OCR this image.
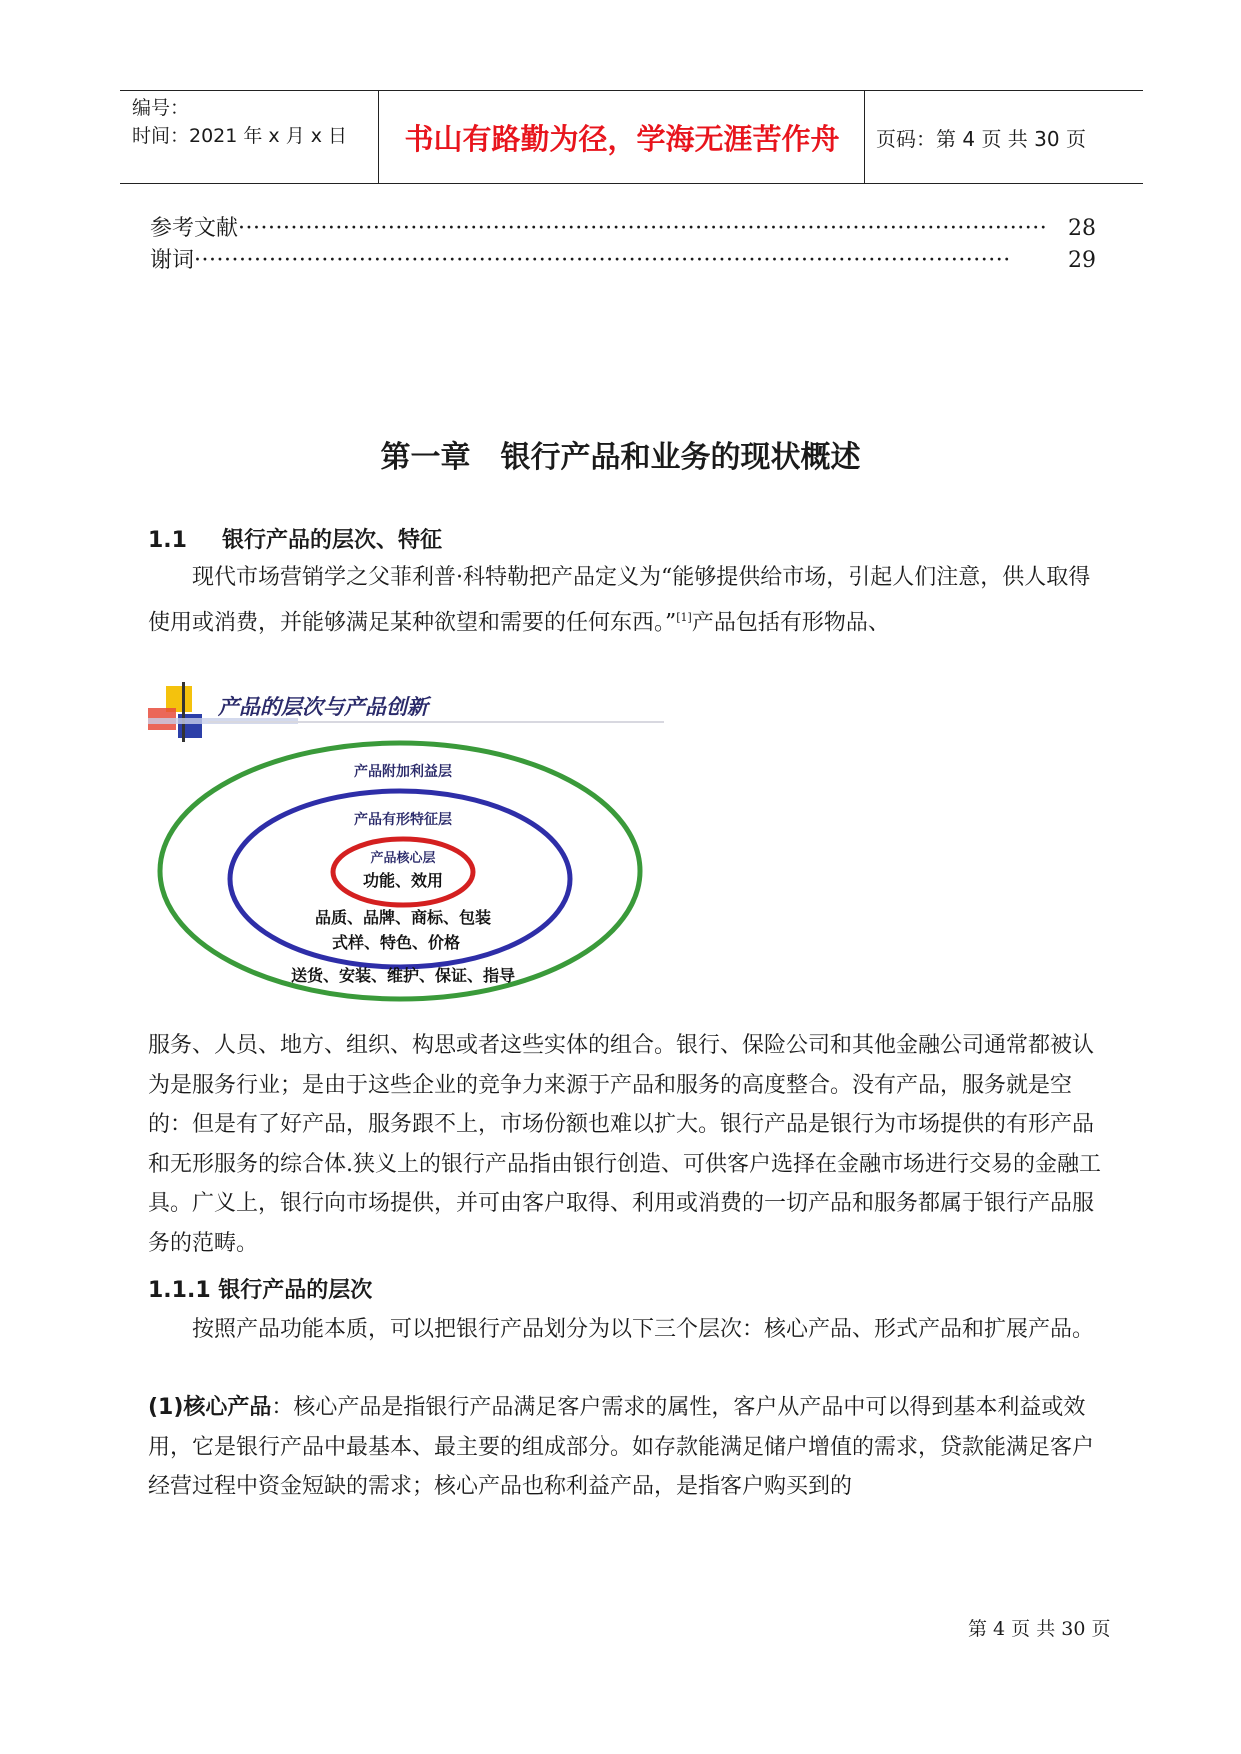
编号：
时间：2021 年 x 月 x 日	书山有路勤为径，学海无涯苦作舟	页码：第 4 页 共 30 页
参考文献 ············································································································ 28
谢词 ·············································································································	29
第一章　银行产品和业务的现状概述
1.1 银行产品的层次、特征

现代市场营销学之父菲利普·科特勒把产品定义为“能够提供给市场，引起人们注意，供人取得使用或消费，并能够满足某种欲望和需要的任何东西。”[1]产品包括有形物品、

产品的层次与产品创新
产品附加利益层
产品有形特征层
产品核心层
功能、效用
品质、品牌、商标、包装
式样、特色、价格
送货、安装、维护、保证、指导

服务、人员、地方、组织、构思或者这些实体的组合。银行、保险公司和其他金融公司通常都被认为是服务行业；是由于这些企业的竞争力来源于产品和服务的高度整合。没有产品，服务就是空的：但是有了好产品，服务跟不上，市场份额也难以扩大。银行产品是银行为市场提供的有形产品和无形服务的综合体.狭义上的银行产品指由银行创造、可供客户选择在金融市场进行交易的金融工具。广义上，银行向市场提供，并可由客户取得、利用或消费的一切产品和服务都属于银行产品服务的范畴。

1.1.1 银行产品的层次

按照产品功能本质，可以把银行产品划分为以下三个层次：核心产品、形式产品和扩展产品。

(1)核心产品：核心产品是指银行产品满足客户需求的属性，客户从产品中可以得到基本利益或效用，它是银行产品中最基本、最主要的组成部分。如存款能满足储户增值的需求，贷款能满足客户经营过程中资金短缺的需求；核心产品也称利益产品，是指客户购买到的

第 4 页 共 30 页
